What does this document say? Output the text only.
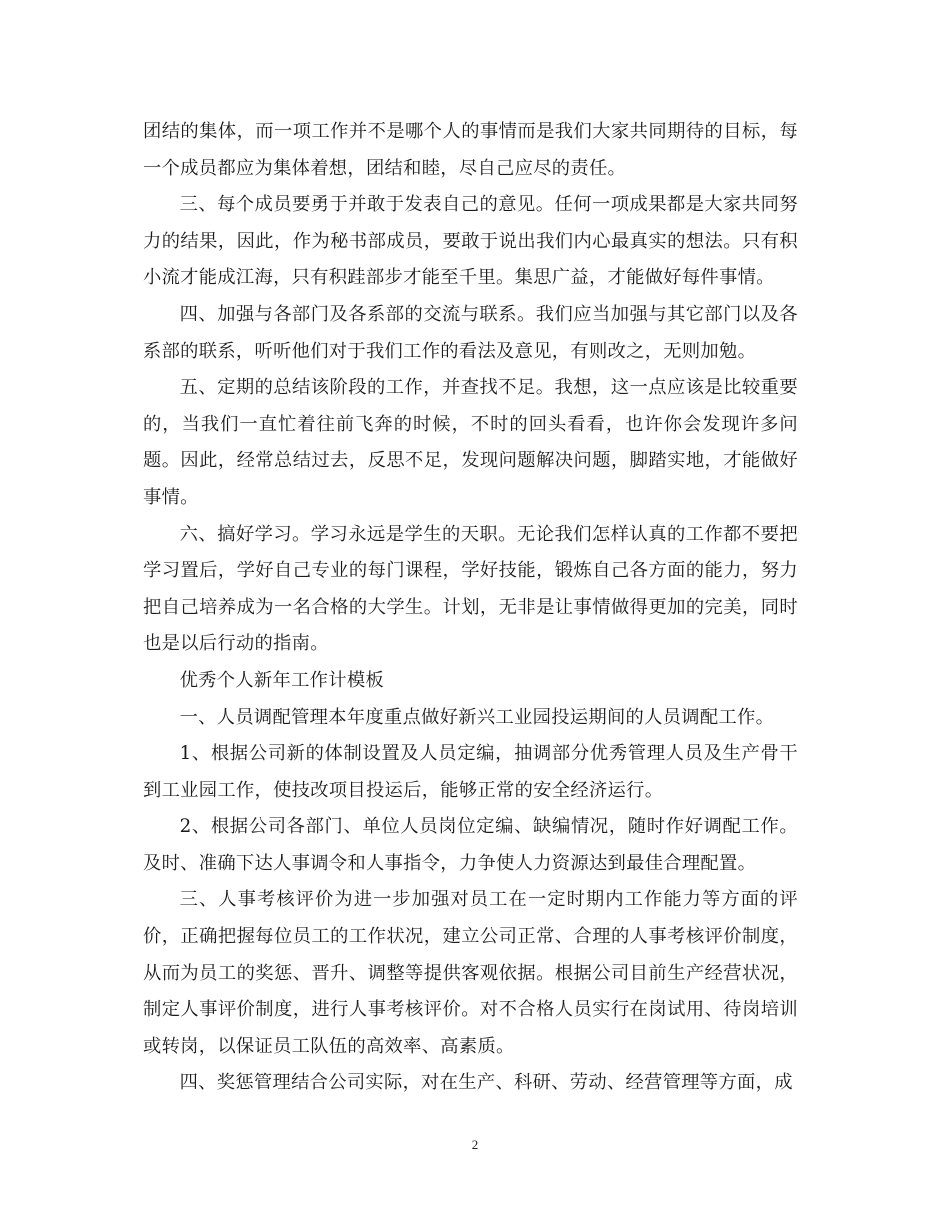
团结的集体，而一项工作并不是哪个人的事情而是我们大家共同期待的目标，每一个成员都应为集体着想，团结和睦，尽自己应尽的责任。

三、每个成员要勇于并敢于发表自己的意见。任何一项成果都是大家共同努力的结果，因此，作为秘书部成员，要敢于说出我们内心最真实的想法。只有积小流才能成江海，只有积跬部步才能至千里。集思广益，才能做好每件事情。

四、加强与各部门及各系部的交流与联系。我们应当加强与其它部门以及各系部的联系，听听他们对于我们工作的看法及意见，有则改之，无则加勉。

五、定期的总结该阶段的工作，并查找不足。我想，这一点应该是比较重要的，当我们一直忙着往前飞奔的时候，不时的回头看看，也许你会发现许多问题。因此，经常总结过去，反思不足，发现问题解决问题，脚踏实地，才能做好事情。

六、搞好学习。学习永远是学生的天职。无论我们怎样认真的工作都不要把学习置后，学好自己专业的每门课程，学好技能，锻炼自己各方面的能力，努力把自己培养成为一名合格的大学生。计划，无非是让事情做得更加的完美，同时也是以后行动的指南。

优秀个人新年工作计模板

一、人员调配管理本年度重点做好新兴工业园投运期间的人员调配工作。

1、根据公司新的体制设置及人员定编，抽调部分优秀管理人员及生产骨干到工业园工作，使技改项目投运后，能够正常的安全经济运行。

2、根据公司各部门、单位人员岗位定编、缺编情况，随时作好调配工作。及时、准确下达人事调令和人事指令，力争使人力资源达到最佳合理配置。

三、人事考核评价为进一步加强对员工在一定时期内工作能力等方面的评价，正确把握每位员工的工作状况，建立公司正常、合理的人事考核评价制度，从而为员工的奖惩、晋升、调整等提供客观依据。根据公司目前生产经营状况，制定人事评价制度，进行人事考核评价。对不合格人员实行在岗试用、待岗培训或转岗，以保证员工队伍的高效率、高素质。

四、奖惩管理结合公司实际，对在生产、科研、劳动、经营管理等方面，成

2
